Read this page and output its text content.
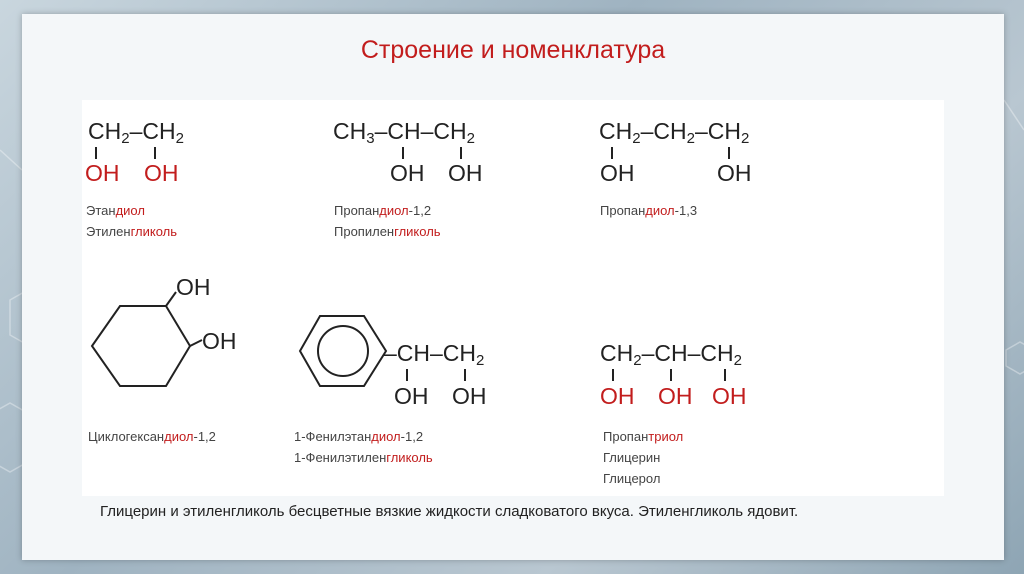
Строение и номенклатура
$CH_2-CH_2$
OH OH
Этандиол
Этиленгликоль
$CH_3-CH-CH_2$
OH OH
Пропандиол-1,2
Пропиленгликоль
$CH_2-CH_2-CH_2$
OH	OH
Пропандиол-1,3
OH
OH
Циклогександиол-1,2
$-CH-CH_2$
OH OH
1-Фенилэтандиол-1,2
1-Фенилэтиленгликоль
$CH_2-CH-CH_2$
OH OH OH
Пропантриол
Глицерин
Глицерол
Глицерин и этиленгликоль бесцветные вязкие жидкости сладковатого вкуса. Этиленгликоль ядовит.
